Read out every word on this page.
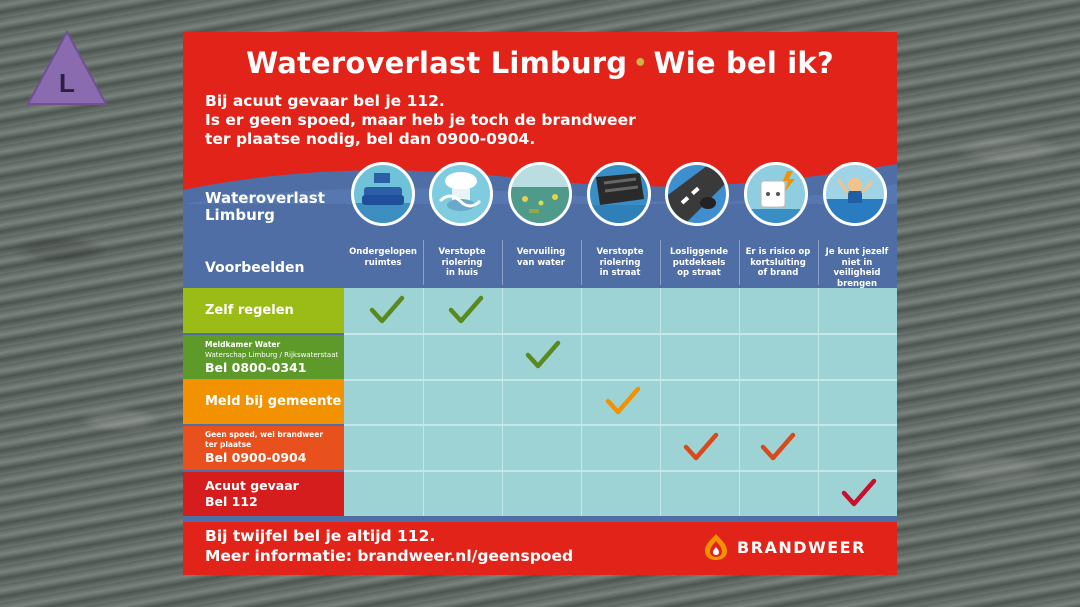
L
Wateroverlast Limburg • Wie bel ik?
Bij acuut gevaar bel je 112.
Is er geen spoed, maar heb je toch de brandweer
ter plaatse nodig, bel dan 0900-0904.
Wateroverlast
Limburg
Voorbeelden
Ondergelopen
ruimtes
Verstopte
riolering
in huis
Vervuiling
van water
Verstopte
riolering
in straat
Losliggende
putdeksels
op straat
Er is risico op
kortsluiting
of brand
Je kunt jezelf
niet in veiligheid
brengen
Zelf regelen
Meldkamer Water
Waterschap Limburg / Rijkswaterstaat
Bel 0800-0341
Meld bij gemeente
Geen spoed, wel brandweer
ter plaatse
Bel 0900-0904
Acuut gevaar
Bel 112
Bij twijfel bel je altijd 112.
Meer informatie: brandweer.nl/geenspoed	BRANDWEER
